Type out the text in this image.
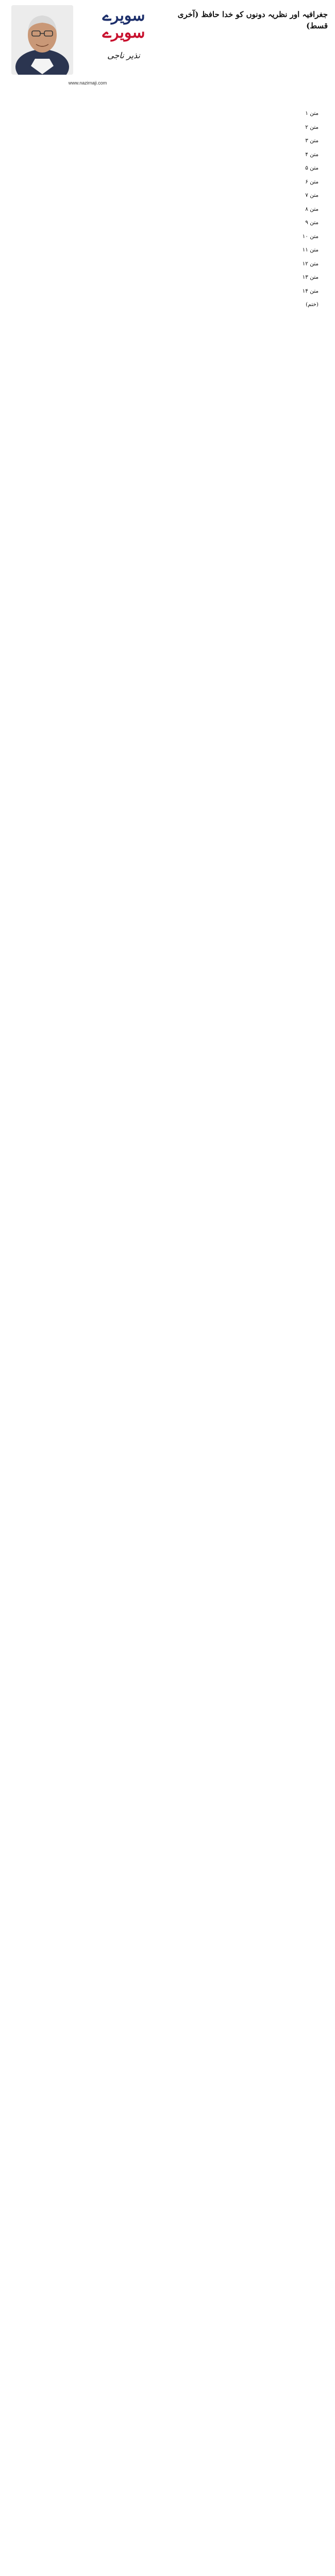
جغرافیہ اور نظریہ دونوں کو خدا حافظ (آخری قسط)
سویرے
سویرے
نذیر ناجی
www.nazirnaji.com

متن ۱

متن ۲

متن ۳

متن ۴

متن ۵

متن ۶

متن ۷

متن ۸

متن ۹

متن ۱۰

متن ۱۱

متن ۱۲

متن ۱۳

متن ۱۴

(ختم)
